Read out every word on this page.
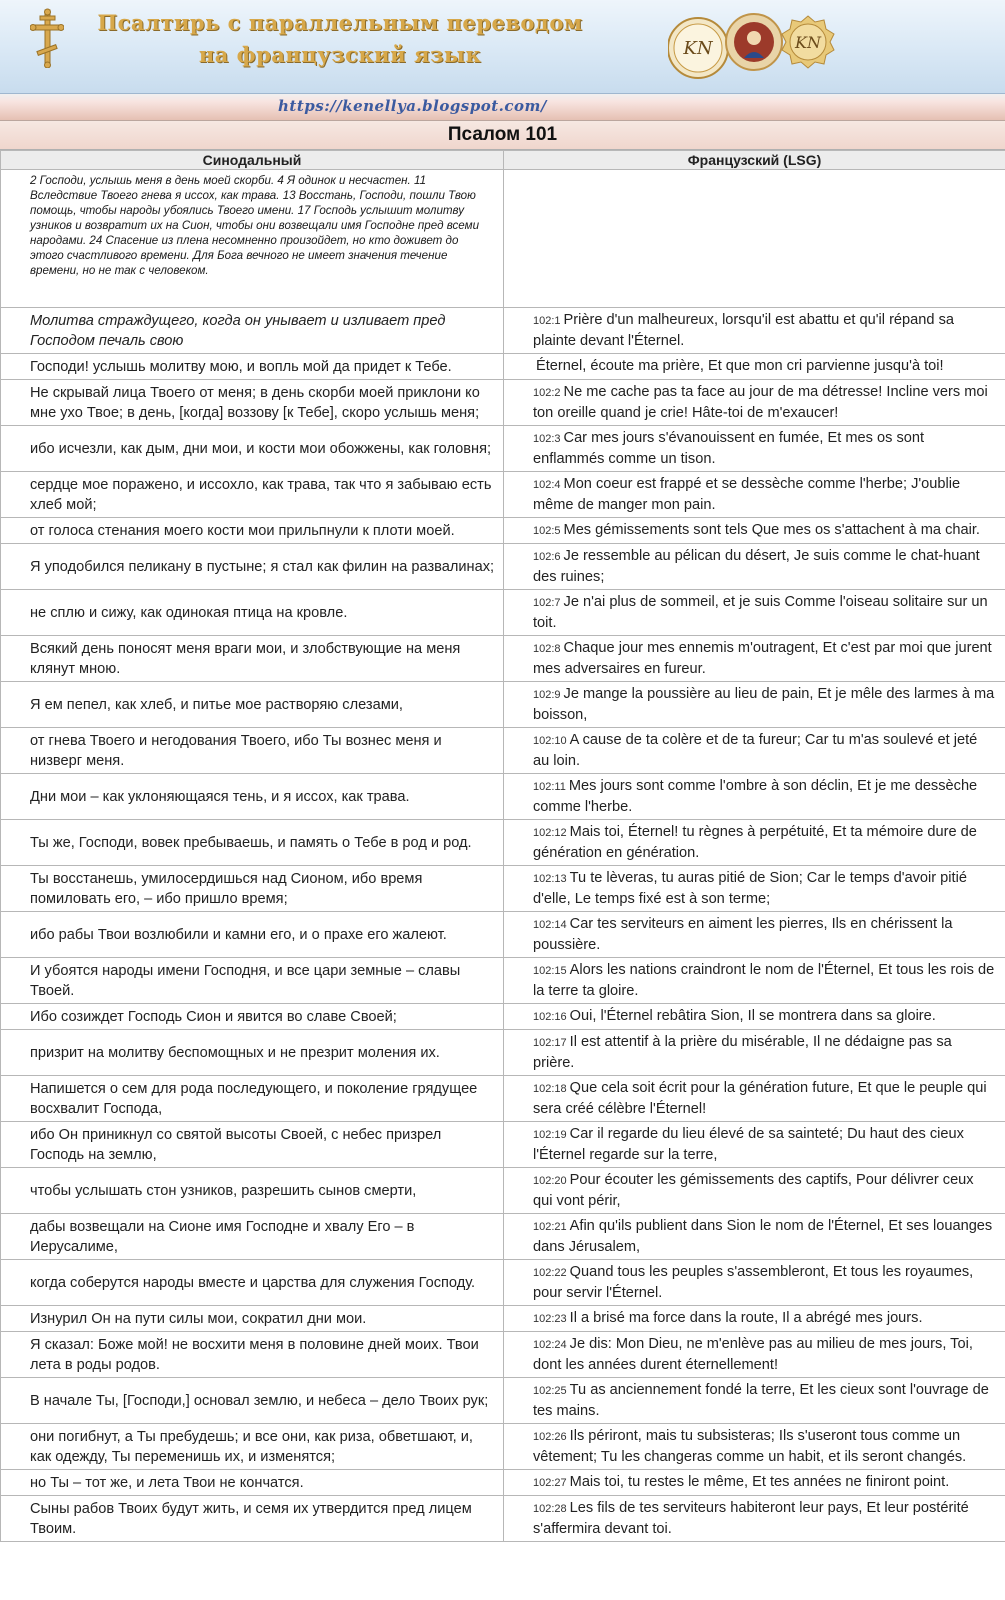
Псалтирь с параллельным переводом
на французский язык	KN	KN
https://kenellya.blogspot.com/
Псалом 101
Синодальный	Французский (LSG)
2 Господи, услышь меня в день моей скорби. 4 Я одинок и несчастен. 11 Вследствие Твоего гнева я иссох, как трава. 13 Восстань, Господи, пошли Твою помощь, чтобы народы убоялись Твоего имени. 17 Господь услышит молитву узников и возвратит их на Сион, чтобы они возвещали имя Господне пред всеми народами. 24 Спасение из плена несомненно произойдет, но кто доживет до этого счастливого времени. Для Бога вечного не имеет значения течение времени, но не так с человеком.	
Молитва страждущего, когда он унывает и изливает пред Господом печаль свою	102:1 Prière d'un malheureux, lorsqu'il est abattu et qu'il répand sa plainte devant l'Éternel.
Господи! услышь молитву мою, и вопль мой да придет к Тебе.	Éternel, écoute ma prière, Et que mon cri parvienne jusqu'à toi!
Не скрывай лица Твоего от меня; в день скорби моей приклони ко мне ухо Твое; в день, [когда] воззову [к Тебе], скоро услышь меня;	102:2 Ne me cache pas ta face au jour de ma détresse! Incline vers moi ton oreille quand je crie! Hâte-toi de m'exaucer!
ибо исчезли, как дым, дни мои, и кости мои обожжены, как головня;	102:3 Car mes jours s'évanouissent en fumée, Et mes os sont enflammés comme un tison.
сердце мое поражено, и иссохло, как трава, так что я забываю есть хлеб мой;	102:4 Mon coeur est frappé et se dessèche comme l'herbe; J'oublie même de manger mon pain.
от голоса стенания моего кости мои прильпнули к плоти моей.	102:5 Mes gémissements sont tels Que mes os s'attachent à ma chair.
Я уподобился пеликану в пустыне; я стал как филин на развалинах;	102:6 Je ressemble au pélican du désert, Je suis comme le chat-huant des ruines;
не сплю и сижу, как одинокая птица на кровле.	102:7 Je n'ai plus de sommeil, et je suis Comme l'oiseau solitaire sur un toit.
Всякий день поносят меня враги мои, и злобствующие на меня клянут мною.	102:8 Chaque jour mes ennemis m'outragent, Et c'est par moi que jurent mes adversaires en fureur.
Я ем пепел, как хлеб, и питье мое растворяю слезами,	102:9 Je mange la poussière au lieu de pain, Et je mêle des larmes à ma boisson,
от гнева Твоего и негодования Твоего, ибо Ты вознес меня и низверг меня.	102:10 A cause de ta colère et de ta fureur; Car tu m'as soulevé et jeté au loin.
Дни мои – как уклоняющаяся тень, и я иссох, как трава.	102:11 Mes jours sont comme l'ombre à son déclin, Et je me dessèche comme l'herbe.
Ты же, Господи, вовек пребываешь, и память о Тебе в род и род.	102:12 Mais toi, Éternel! tu règnes à perpétuité, Et ta mémoire dure de génération en génération.
Ты восстанешь, умилосердишься над Сионом, ибо время помиловать его, – ибо пришло время;	102:13 Tu te lèveras, tu auras pitié de Sion; Car le temps d'avoir pitié d'elle, Le temps fixé est à son terme;
ибо рабы Твои возлюбили и камни его, и о прахе его жалеют.	102:14 Car tes serviteurs en aiment les pierres, Ils en chérissent la poussière.
И убоятся народы имени Господня, и все цари земные – славы Твоей.	102:15 Alors les nations craindront le nom de l'Éternel, Et tous les rois de la terre ta gloire.
Ибо созиждет Господь Сион и явится во славе Своей;	102:16 Oui, l'Éternel rebâtira Sion, Il se montrera dans sa gloire.
призрит на молитву беспомощных и не презрит моления их.	102:17 Il est attentif à la prière du misérable, Il ne dédaigne pas sa prière.
Напишется о сем для рода последующего, и поколение грядущее восхвалит Господа,	102:18 Que cela soit écrit pour la génération future, Et que le peuple qui sera créé célèbre l'Éternel!
ибо Он приникнул со святой высоты Своей, с небес призрел Господь на землю,	102:19 Car il regarde du lieu élevé de sa sainteté; Du haut des cieux l'Éternel regarde sur la terre,
чтобы услышать стон узников, разрешить сынов смерти,	102:20 Pour écouter les gémissements des captifs, Pour délivrer ceux qui vont périr,
дабы возвещали на Сионе имя Господне и хвалу Его – в Иерусалиме,	102:21 Afin qu'ils publient dans Sion le nom de l'Éternel, Et ses louanges dans Jérusalem,
когда соберутся народы вместе и царства для служения Господу.	102:22 Quand tous les peuples s'assembleront, Et tous les royaumes, pour servir l'Éternel.
Изнурил Он на пути силы мои, сократил дни мои.	102:23 Il a brisé ma force dans la route, Il a abrégé mes jours.
Я сказал: Боже мой! не восхити меня в половине дней моих. Твои лета в роды родов.	102:24 Je dis: Mon Dieu, ne m'enlève pas au milieu de mes jours, Toi, dont les années durent éternellement!
В начале Ты, [Господи,] основал землю, и небеса – дело Твоих рук;	102:25 Tu as anciennement fondé la terre, Et les cieux sont l'ouvrage de tes mains.
они погибнут, а Ты пребудешь; и все они, как риза, обветшают, и, как одежду, Ты переменишь их, и изменятся;	102:26 Ils périront, mais tu subsisteras; Ils s'useront tous comme un vêtement; Tu les changeras comme un habit, et ils seront changés.
но Ты – тот же, и лета Твои не кончатся.	102:27 Mais toi, tu restes le même, Et tes années ne finiront point.
Сыны рабов Твоих будут жить, и семя их утвердится пред лицем Твоим.	102:28 Les fils de tes serviteurs habiteront leur pays, Et leur postérité s'affermira devant toi.
